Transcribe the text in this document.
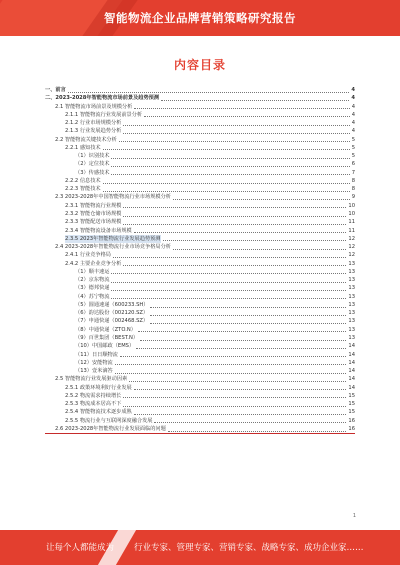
智能物流企业品牌营销策略研究报告
内容目录
一、前言	4
二、2023-2028年智能物流市场前景及趋势预测	4
2.1 智能物流市场前景及规模分析	4
2.1.1 智能物流行业发展前景分析	4
2.1.2 行业市场规模分析	4
2.1.3 行业发展趋势分析	4
2.2 智能物流关键技术分析	5
2.2.1 感知技术	5
（1）识别技术	5
（2）定位技术	6
（3）传感技术	7
2.2.2 信息技术	8
2.2.3 智能技术	8
2.3 2023-2028年中国智能物流行业市场规模分析	9
2.3.1 智能物流行业规模	10
2.3.2 智能仓储市场规模	10
2.3.3 智能配送市场规模	11
2.3.4 智能物流设备市场规模	11
2.3.5 2023年智能物流行业发展趋势预测	12
2.4 2023-2028年智能物流行业市场竞争格局分析	12
2.4.1 行业竞争格局	12
2.4.2 主要企业竞争分析	13
（1）顺丰速运	13
（2）京东物流	13
（3）德邦快递	13
（4）苏宁物流	13
（5）圆通速递（600233.SH）	13
（6）韵达股份（002120.SZ）	13
（7）申通快递（002468.SZ）	13
（8）中通快递（ZTO.N）	13
（9）百世集团（BEST.N）	13
（10）中国邮政（EMS）	14
（11）日日顺物流	14
（12）安能物流	14
（13）壹米滴答	14
2.5 智能物流行业发展驱动因素	14
2.5.1 政策环境利好行业发展	14
2.5.2 物流需求持续增长	15
2.5.3 物流成本居高不下	15
2.5.4 智能物流技术逐步成熟	15
2.5.5 物流行业与互联网深度融合发展	16
2.6 2023-2028年智能物流行业发展面临的问题	16
1
让每个人都能成为 行业专家、管理专家、营销专家、战略专家、成功企业家……
